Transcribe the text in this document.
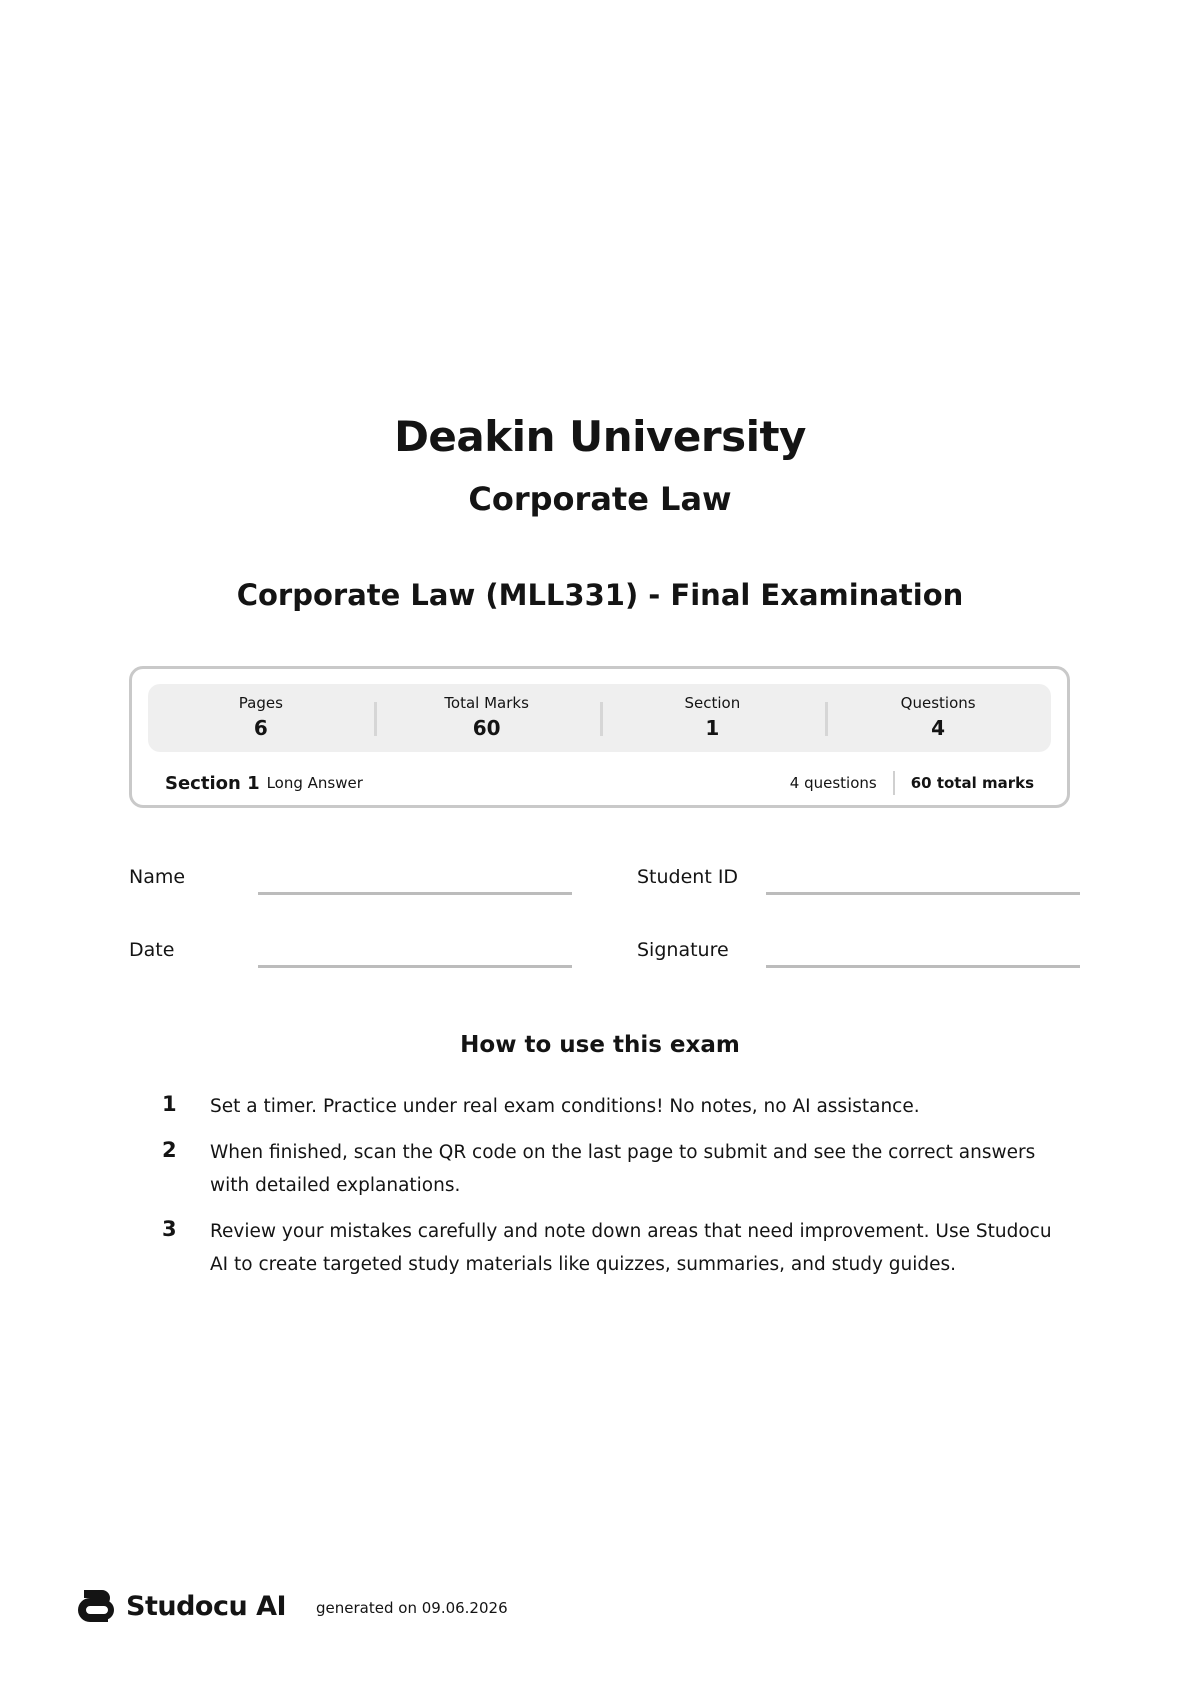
Deakin University
Corporate Law
Corporate Law (MLL331) - Final Examination
Pages
6
Total Marks
60
Section
1
Questions
4
Section 1 Long Answer	4 questions 60 total marks
Name	Student ID
Date	Signature
How to use this exam
1 Set a timer. Practice under real exam conditions! No notes, no AI assistance.
2 When finished, scan the QR code on the last page to submit and see the correct answers with detailed explanations.
3 Review your mistakes carefully and note down areas that need improvement. Use Studocu AI to create targeted study materials like quizzes, summaries, and study guides.
Studocu AI generated on 09.06.2026
